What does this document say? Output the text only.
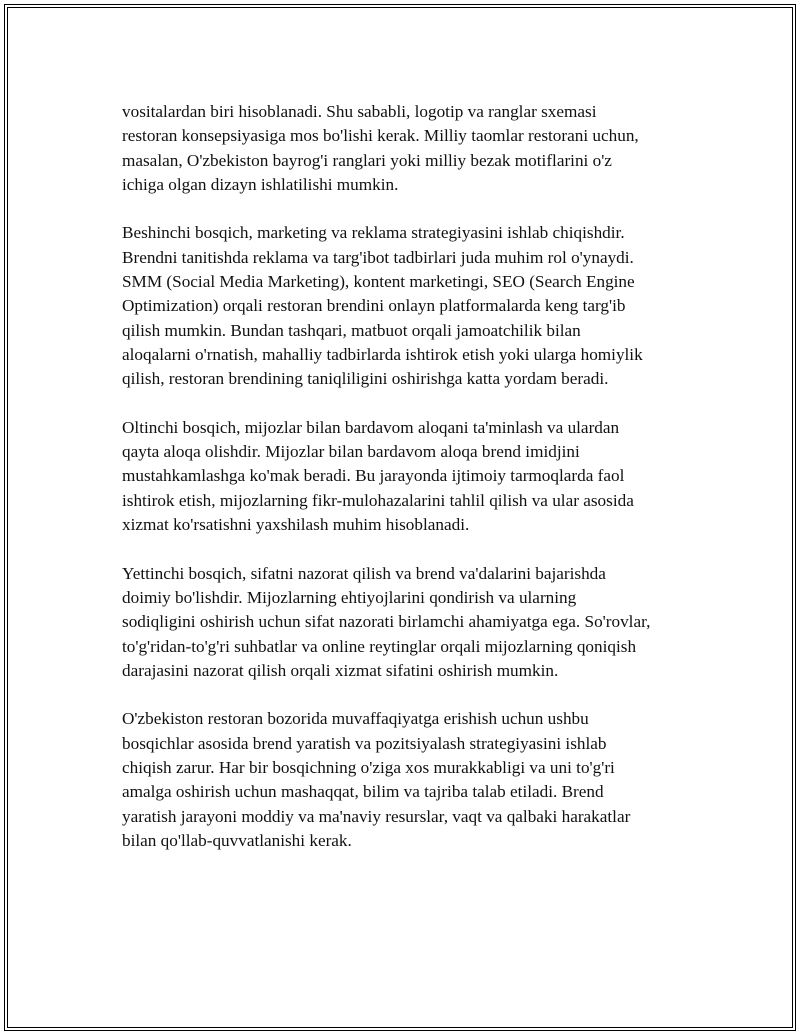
vositalardan biri hisoblanadi. Shu sababli, logotip va ranglar sxemasi
restoran konsepsiyasiga mos bo'lishi kerak. Milliy taomlar restorani uchun,
masalan, O'zbekiston bayrog'i ranglari yoki milliy bezak motiflarini o'z
ichiga olgan dizayn ishlatilishi mumkin.

Beshinchi bosqich, marketing va reklama strategiyasini ishlab chiqishdir.
Brendni tanitishda reklama va targ'ibot tadbirlari juda muhim rol o'ynaydi.
SMM (Social Media Marketing), kontent marketingi, SEO (Search Engine
Optimization) orqali restoran brendini onlayn platformalarda keng targ'ib
qilish mumkin. Bundan tashqari, matbuot orqali jamoatchilik bilan
aloqalarni o'rnatish, mahalliy tadbirlarda ishtirok etish yoki ularga homiylik
qilish, restoran brendining taniqliligini oshirishga katta yordam beradi.

Oltinchi bosqich, mijozlar bilan bardavom aloqani ta'minlash va ulardan
qayta aloqa olishdir. Mijozlar bilan bardavom aloqa brend imidjini
mustahkamlashga ko'mak beradi. Bu jarayonda ijtimoiy tarmoqlarda faol
ishtirok etish, mijozlarning fikr-mulohazalarini tahlil qilish va ular asosida
xizmat ko'rsatishni yaxshilash muhim hisoblanadi.

Yettinchi bosqich, sifatni nazorat qilish va brend va'dalarini bajarishda
doimiy bo'lishdir. Mijozlarning ehtiyojlarini qondirish va ularning
sodiqligini oshirish uchun sifat nazorati birlamchi ahamiyatga ega. So'rovlar,
to'g'ridan-to'g'ri suhbatlar va online reytinglar orqali mijozlarning qoniqish
darajasini nazorat qilish orqali xizmat sifatini oshirish mumkin.

O'zbekiston restoran bozorida muvaffaqiyatga erishish uchun ushbu
bosqichlar asosida brend yaratish va pozitsiyalash strategiyasini ishlab
chiqish zarur. Har bir bosqichning o'ziga xos murakkabligi va uni to'g'ri
amalga oshirish uchun mashaqqat, bilim va tajriba talab etiladi. Brend
yaratish jarayoni moddiy va ma'naviy resurslar, vaqt va qalbaki harakatlar
bilan qo'llab-quvvatlanishi kerak.
